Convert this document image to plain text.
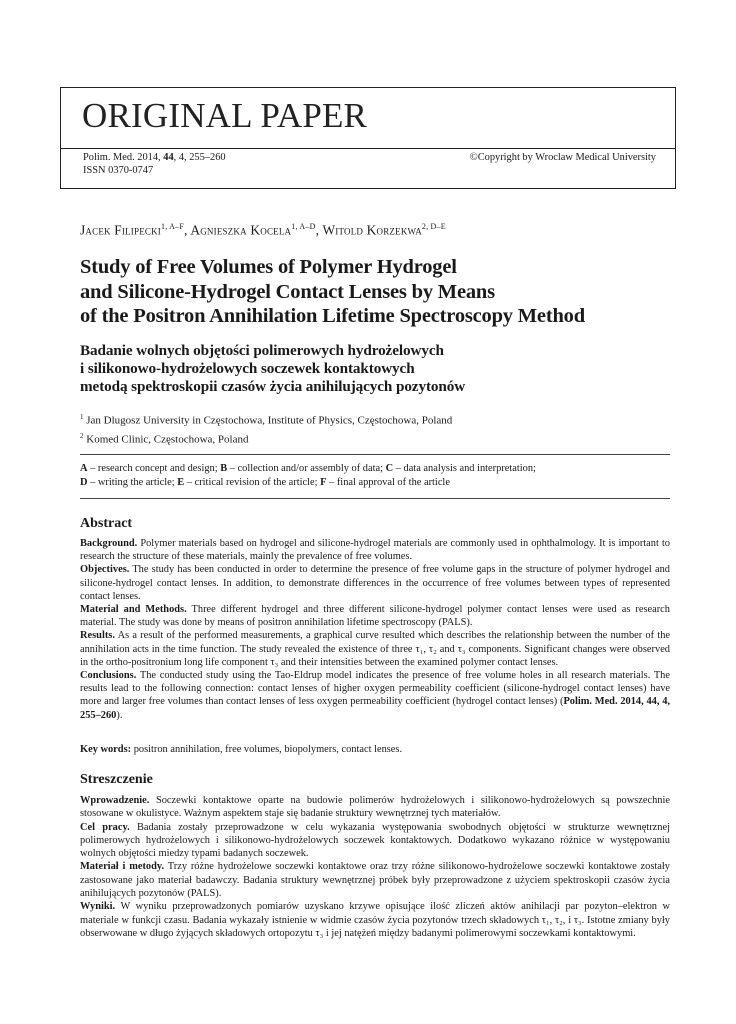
ORIGINAL PAPER
Polim. Med. 2014, 44, 4, 255–260
ISSN 0370-0747
©Copyright by Wroclaw Medical University
Jacek Filipecki$^{1, A-F}$, Agnieszka Kocela$^{1, A-D}$, Witold Korzekwa$^{2, D-E}$
Study of Free Volumes of Polymer Hydrogel
and Silicone-Hydrogel Contact Lenses by Means
of the Positron Annihilation Lifetime Spectroscopy Method
Badanie wolnych objętości polimerowych hydrożelowych
i silikonowo-hydrożelowych soczewek kontaktowych
metodą spektroskopii czasów życia anihilujących pozytonów
$^1$ Jan Dlugosz University in Częstochowa, Institute of Physics, Częstochowa, Poland
$^2$ Komed Clinic, Częstochowa, Poland
A – research concept and design; B – collection and/or assembly of data; C – data analysis and interpretation;
D – writing the article; E – critical revision of the article; F – final approval of the article
Abstract

Background. Polymer materials based on hydrogel and silicone-hydrogel materials are commonly used in ophthalmology. It is important to research the structure of these materials, mainly the prevalence of free volumes.

Objectives. The study has been conducted in order to determine the presence of free volume gaps in the structure of polymer hydrogel and silicone-hydrogel contact lenses. In addition, to demonstrate differences in the occurrence of free volumes between types of represented contact lenses.

Material and Methods. Three different hydrogel and three different silicone-hydrogel polymer contact lenses were used as research material. The study was done by means of positron annihilation lifetime spectroscopy (PALS).

Results. As a result of the performed measurements, a graphical curve resulted which describes the relationship between the number of the annihilation acts in the time function. The study revealed the existence of three τ₁, τ₂ and τ₃ components. Significant changes were observed in the ortho-positronium long life component τ₃ and their intensities between the examined polymer contact lenses.

Conclusions. The conducted study using the Tao-Eldrup model indicates the presence of free volume holes in all research materials. The results lead to the following connection: contact lenses of higher oxygen permeability coefficient (silicone-hydrogel contact lenses) have more and larger free volumes than contact lenses of less oxygen permeability coefficient (hydrogel contact lenses) (Polim. Med. 2014, 44, 4, 255–260).

Key words: positron annihilation, free volumes, biopolymers, contact lenses.
Streszczenie

Wprowadzenie. Soczewki kontaktowe oparte na budowie polimerów hydrożelowych i silikonowo-hydrożelowych są powszechnie stosowane w okulistyce. Ważnym aspektem staje się badanie struktury wewnętrznej tych materiałów.

Cel pracy. Badania zostały przeprowadzone w celu wykazania występowania swobodnych objętości w strukturze wewnętrznej polimerowych hydrożelowych i silikonowo-hydrożelowych soczewek kontaktowych. Dodatkowo wykazano różnice w występowaniu wolnych objętości miedzy typami badanych soczewek.

Materiał i metody. Trzy różne hydrożelowe soczewki kontaktowe oraz trzy różne silikonowo-hydrożelowe soczewki kontaktowe zostały zastosowane jako materiał badawczy. Badania struktury wewnętrznej próbek były przeprowadzone z użyciem spektroskopii czasów życia anihilujących pozytonów (PALS).

Wyniki. W wyniku przeprowadzonych pomiarów uzyskano krzywe opisujące ilość zliczeń aktów anihilacji par pozyton–elektron w materiale w funkcji czasu. Badania wykazały istnienie w widmie czasów życia pozytonów trzech składowych τ₁, τ₂, i τ₃. Istotne zmiany były obserwowane w długo żyjących składowych ortopozytu τ₃ i jej natężeń między badanymi polimerowymi soczewkami kontaktowymi.
